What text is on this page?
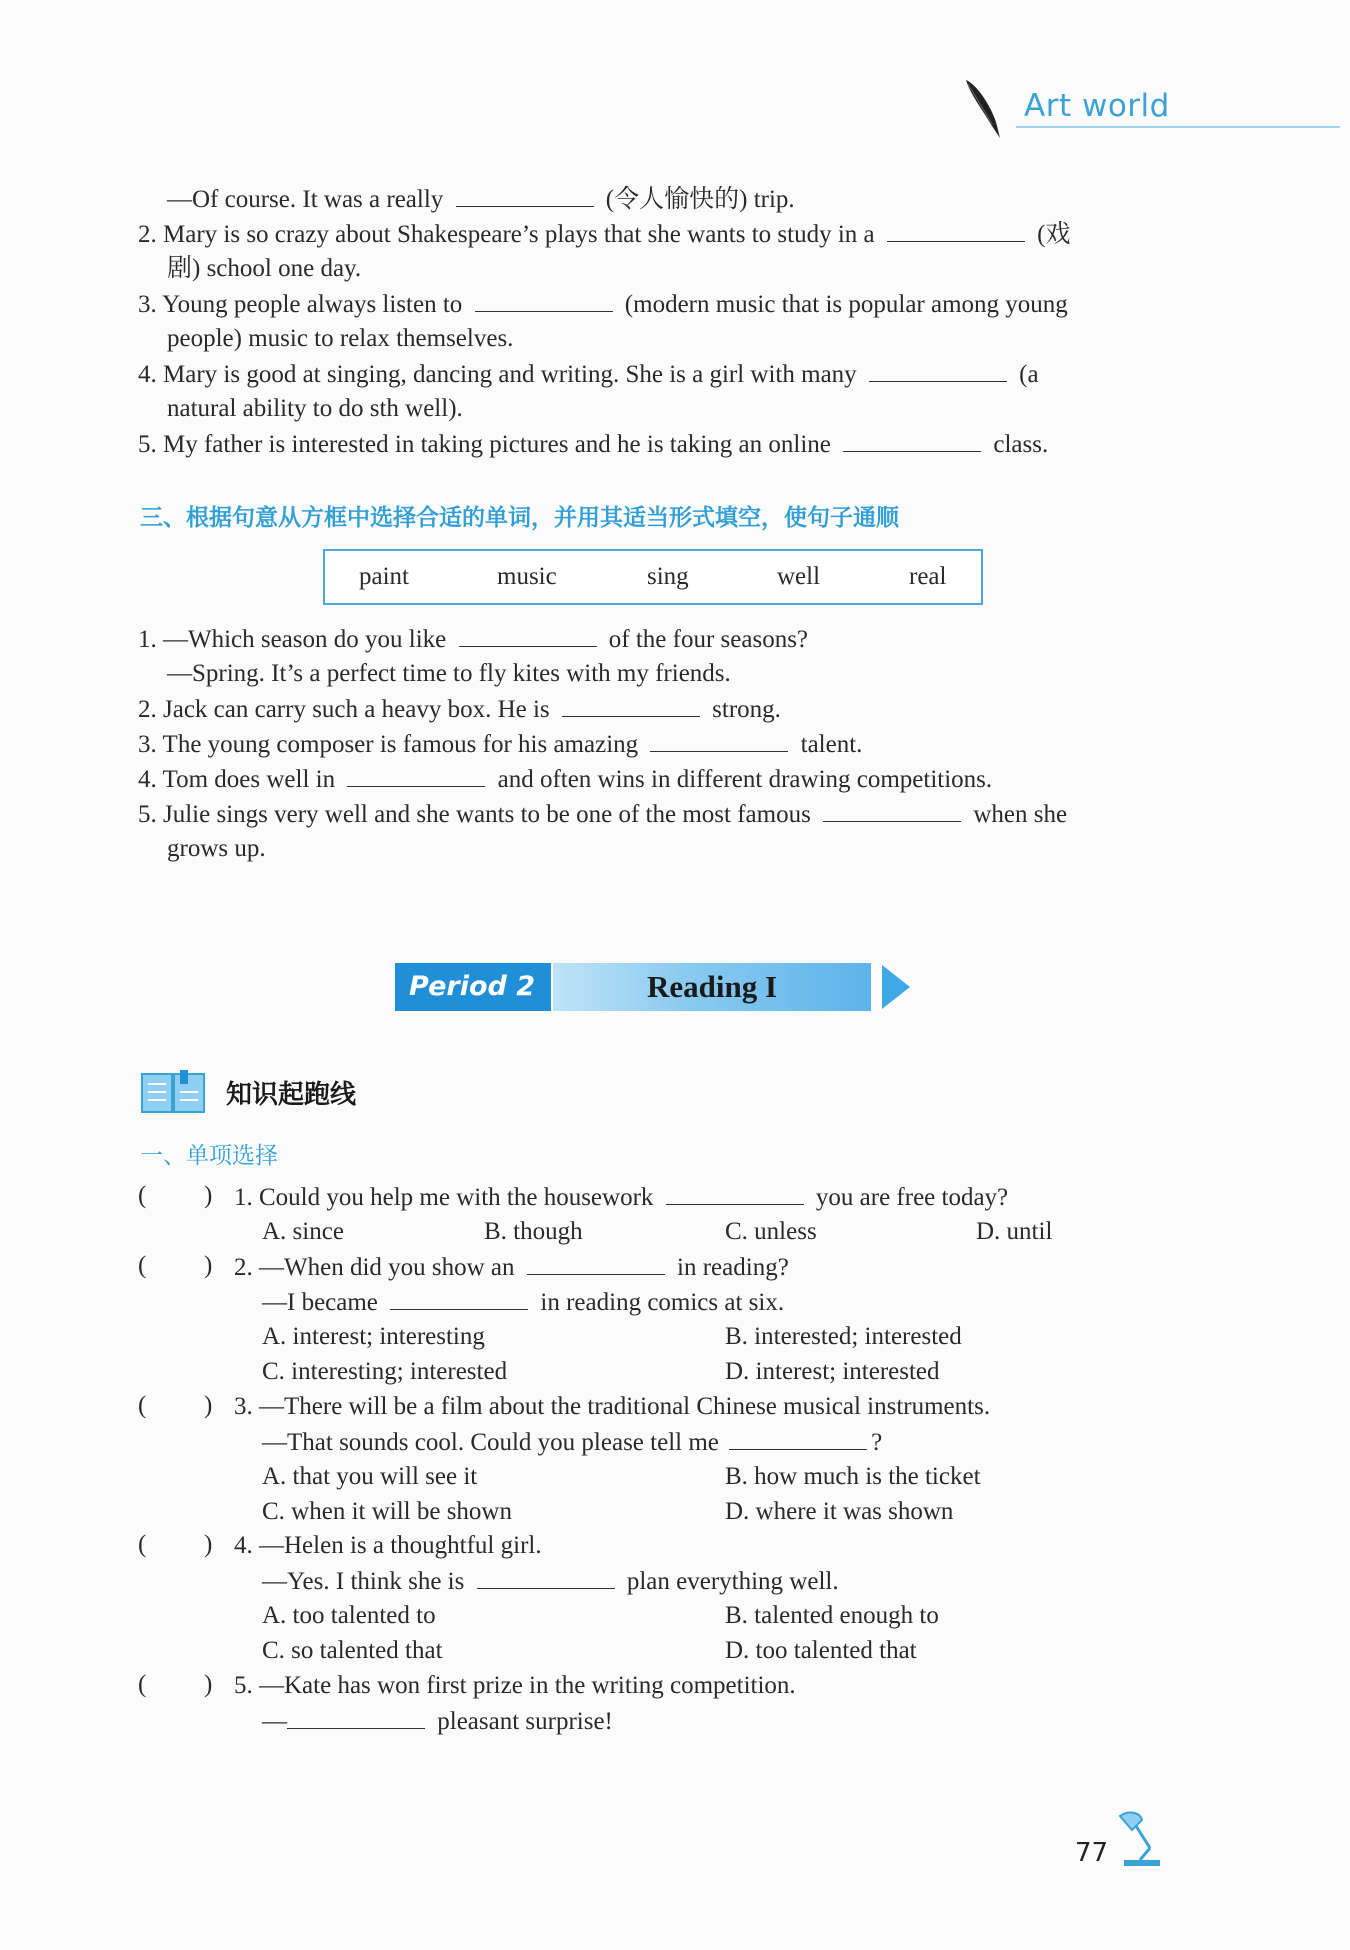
Art world
—Of course. It was a really	(令人愉快的) trip.
2. Mary is so crazy about Shakespeare’s plays that she wants to study in a	(戏
剧) school one day.
3. Young people always listen to	(modern music that is popular among young
people) music to relax themselves.
4. Mary is good at singing, dancing and writing. She is a girl with many	(a
natural ability to do sth well).
5. My father is interested in taking pictures and he is taking an online	class.
三、根据句意从方框中选择合适的单词，并用其适当形式填空，使句子通顺
paint	music	sing	well	real
1. —Which season do you like	of the four seasons?
—Spring. It’s a perfect time to fly kites with my friends.
2. Jack can carry such a heavy box. He is	strong.
3. The young composer is famous for his amazing	talent.
4. Tom does well in	and often wins in different drawing competitions.
5. Julie sings very well and she wants to be one of the most famous	when she
grows up.
Period 2	Reading I
知识起跑线
一、单项选择
( ) 1. Could you help me with the housework	you are free today?
A. since	B. though	C. unless	D. until
( ) 2. —When did you show an	in reading?
—I became	in reading comics at six.
A. interest; interesting	B. interested; interested
C. interesting; interested	D. interest; interested
( ) 3. —There will be a film about the traditional Chinese musical instruments.
—That sounds cool. Could you please tell me	?
A. that you will see it	B. how much is the ticket
C. when it will be shown	D. where it was shown
( ) 4. —Helen is a thoughtful girl.
—Yes. I think she is	plan everything well.
A. too talented to	B. talented enough to
C. so talented that	D. too talented that
( ) 5. —Kate has won first prize in the writing competition.
—	pleasant surprise!
77
